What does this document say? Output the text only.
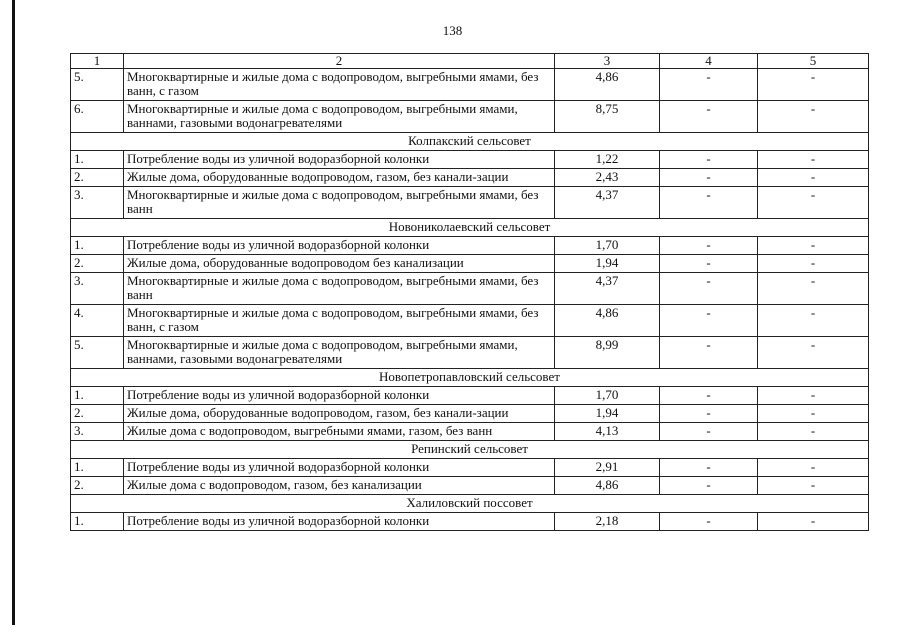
138
1	2	3	4	5
5.	Многоквартирные и жилые дома с водопроводом, выгребными ямами, без ванн, с газом	4,86	-	-
6.	Многоквартирные и жилые дома с водопроводом, выгребными ямами, ваннами, газовыми водонагревателями	8,75	-	-
Колпакский сельсовет				
1.	Потребление воды из уличной водоразборной колонки	1,22	-	-
2.	Жилые дома, оборудованные водопроводом, газом, без канали-зации	2,43	-	-
3.	Многоквартирные и жилые дома с водопроводом, выгребными ямами, без ванн	4,37	-	-
Новониколаевский сельсовет				
1.	Потребление воды из уличной водоразборной колонки	1,70	-	-
2.	Жилые дома, оборудованные водопроводом без канализации	1,94	-	-
3.	Многоквартирные и жилые дома с водопроводом, выгребными ямами, без ванн	4,37	-	-
4.	Многоквартирные и жилые дома с водопроводом, выгребными ямами, без ванн, с газом	4,86	-	-
5.	Многоквартирные и жилые дома с водопроводом, выгребными ямами, ваннами, газовыми водонагревателями	8,99	-	-
Новопетропавловский сельсовет				
1.	Потребление воды из уличной водоразборной колонки	1,70	-	-
2.	Жилые дома, оборудованные водопроводом, газом, без канали-зации	1,94	-	-
3.	Жилые дома с водопроводом, выгребными ямами, газом, без ванн	4,13	-	-
Репинский сельсовет				
1.	Потребление воды из уличной водоразборной колонки	2,91	-	-
2.	Жилые дома с водопроводом, газом, без канализации	4,86	-	-
Халиловский поссовет				
1.	Потребление воды из уличной водоразборной колонки	2,18	-	-
